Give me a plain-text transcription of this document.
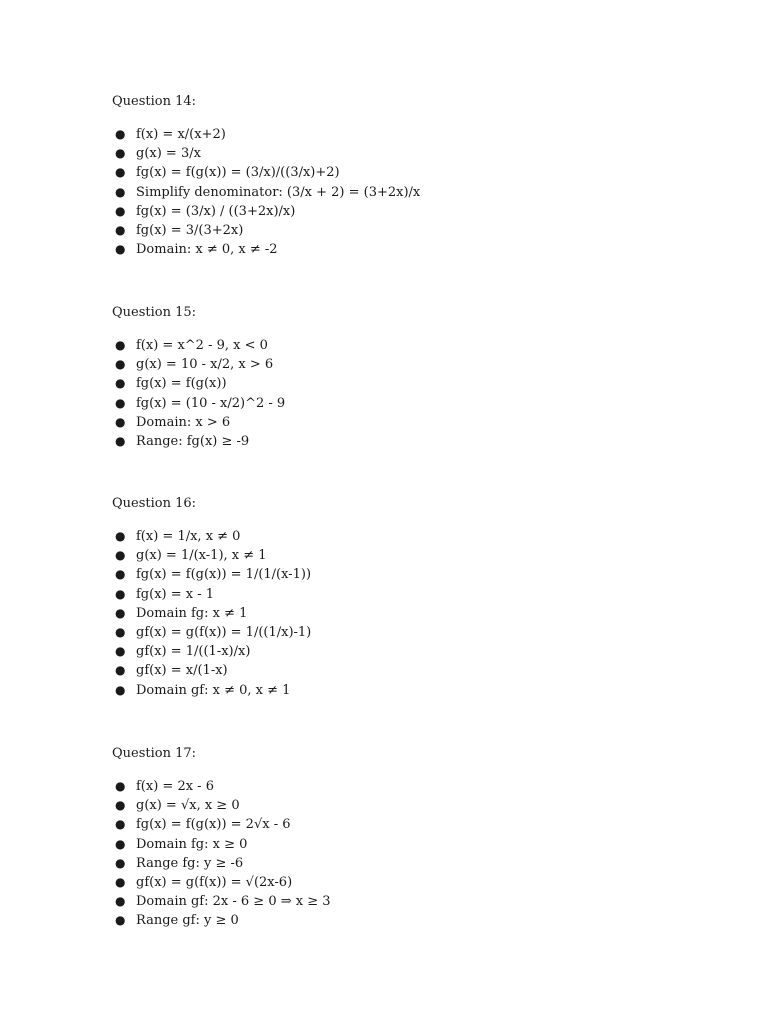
Question 14:
● f(x) = x/(x+2)
● g(x) = 3/x
● fg(x) = f(g(x)) = (3/x)/((3/x)+2)
● Simplify denominator: (3/x + 2) = (3+2x)/x
● fg(x) = (3/x) / ((3+2x)/x)
● fg(x) = 3/(3+2x)
● Domain: x ≠ 0, x ≠ -2
Question 15:
● f(x) = x^2 - 9, x < 0
● g(x) = 10 - x/2, x > 6
● fg(x) = f(g(x))
● fg(x) = (10 - x/2)^2 - 9
● Domain: x > 6
● Range: fg(x) ≥ -9
Question 16:
● f(x) = 1/x, x ≠ 0
● g(x) = 1/(x-1), x ≠ 1
● fg(x) = f(g(x)) = 1/(1/(x-1))
● fg(x) = x - 1
● Domain fg: x ≠ 1
● gf(x) = g(f(x)) = 1/((1/x)-1)
● gf(x) = 1/((1-x)/x)
● gf(x) = x/(1-x)
● Domain gf: x ≠ 0, x ≠ 1
Question 17:
● f(x) = 2x - 6
● g(x) = √x, x ≥ 0
● fg(x) = f(g(x)) = 2√x - 6
● Domain fg: x ≥ 0
● Range fg: y ≥ -6
● gf(x) = g(f(x)) = √(2x-6)
● Domain gf: 2x - 6 ≥ 0 ⇒ x ≥ 3
● Range gf: y ≥ 0
